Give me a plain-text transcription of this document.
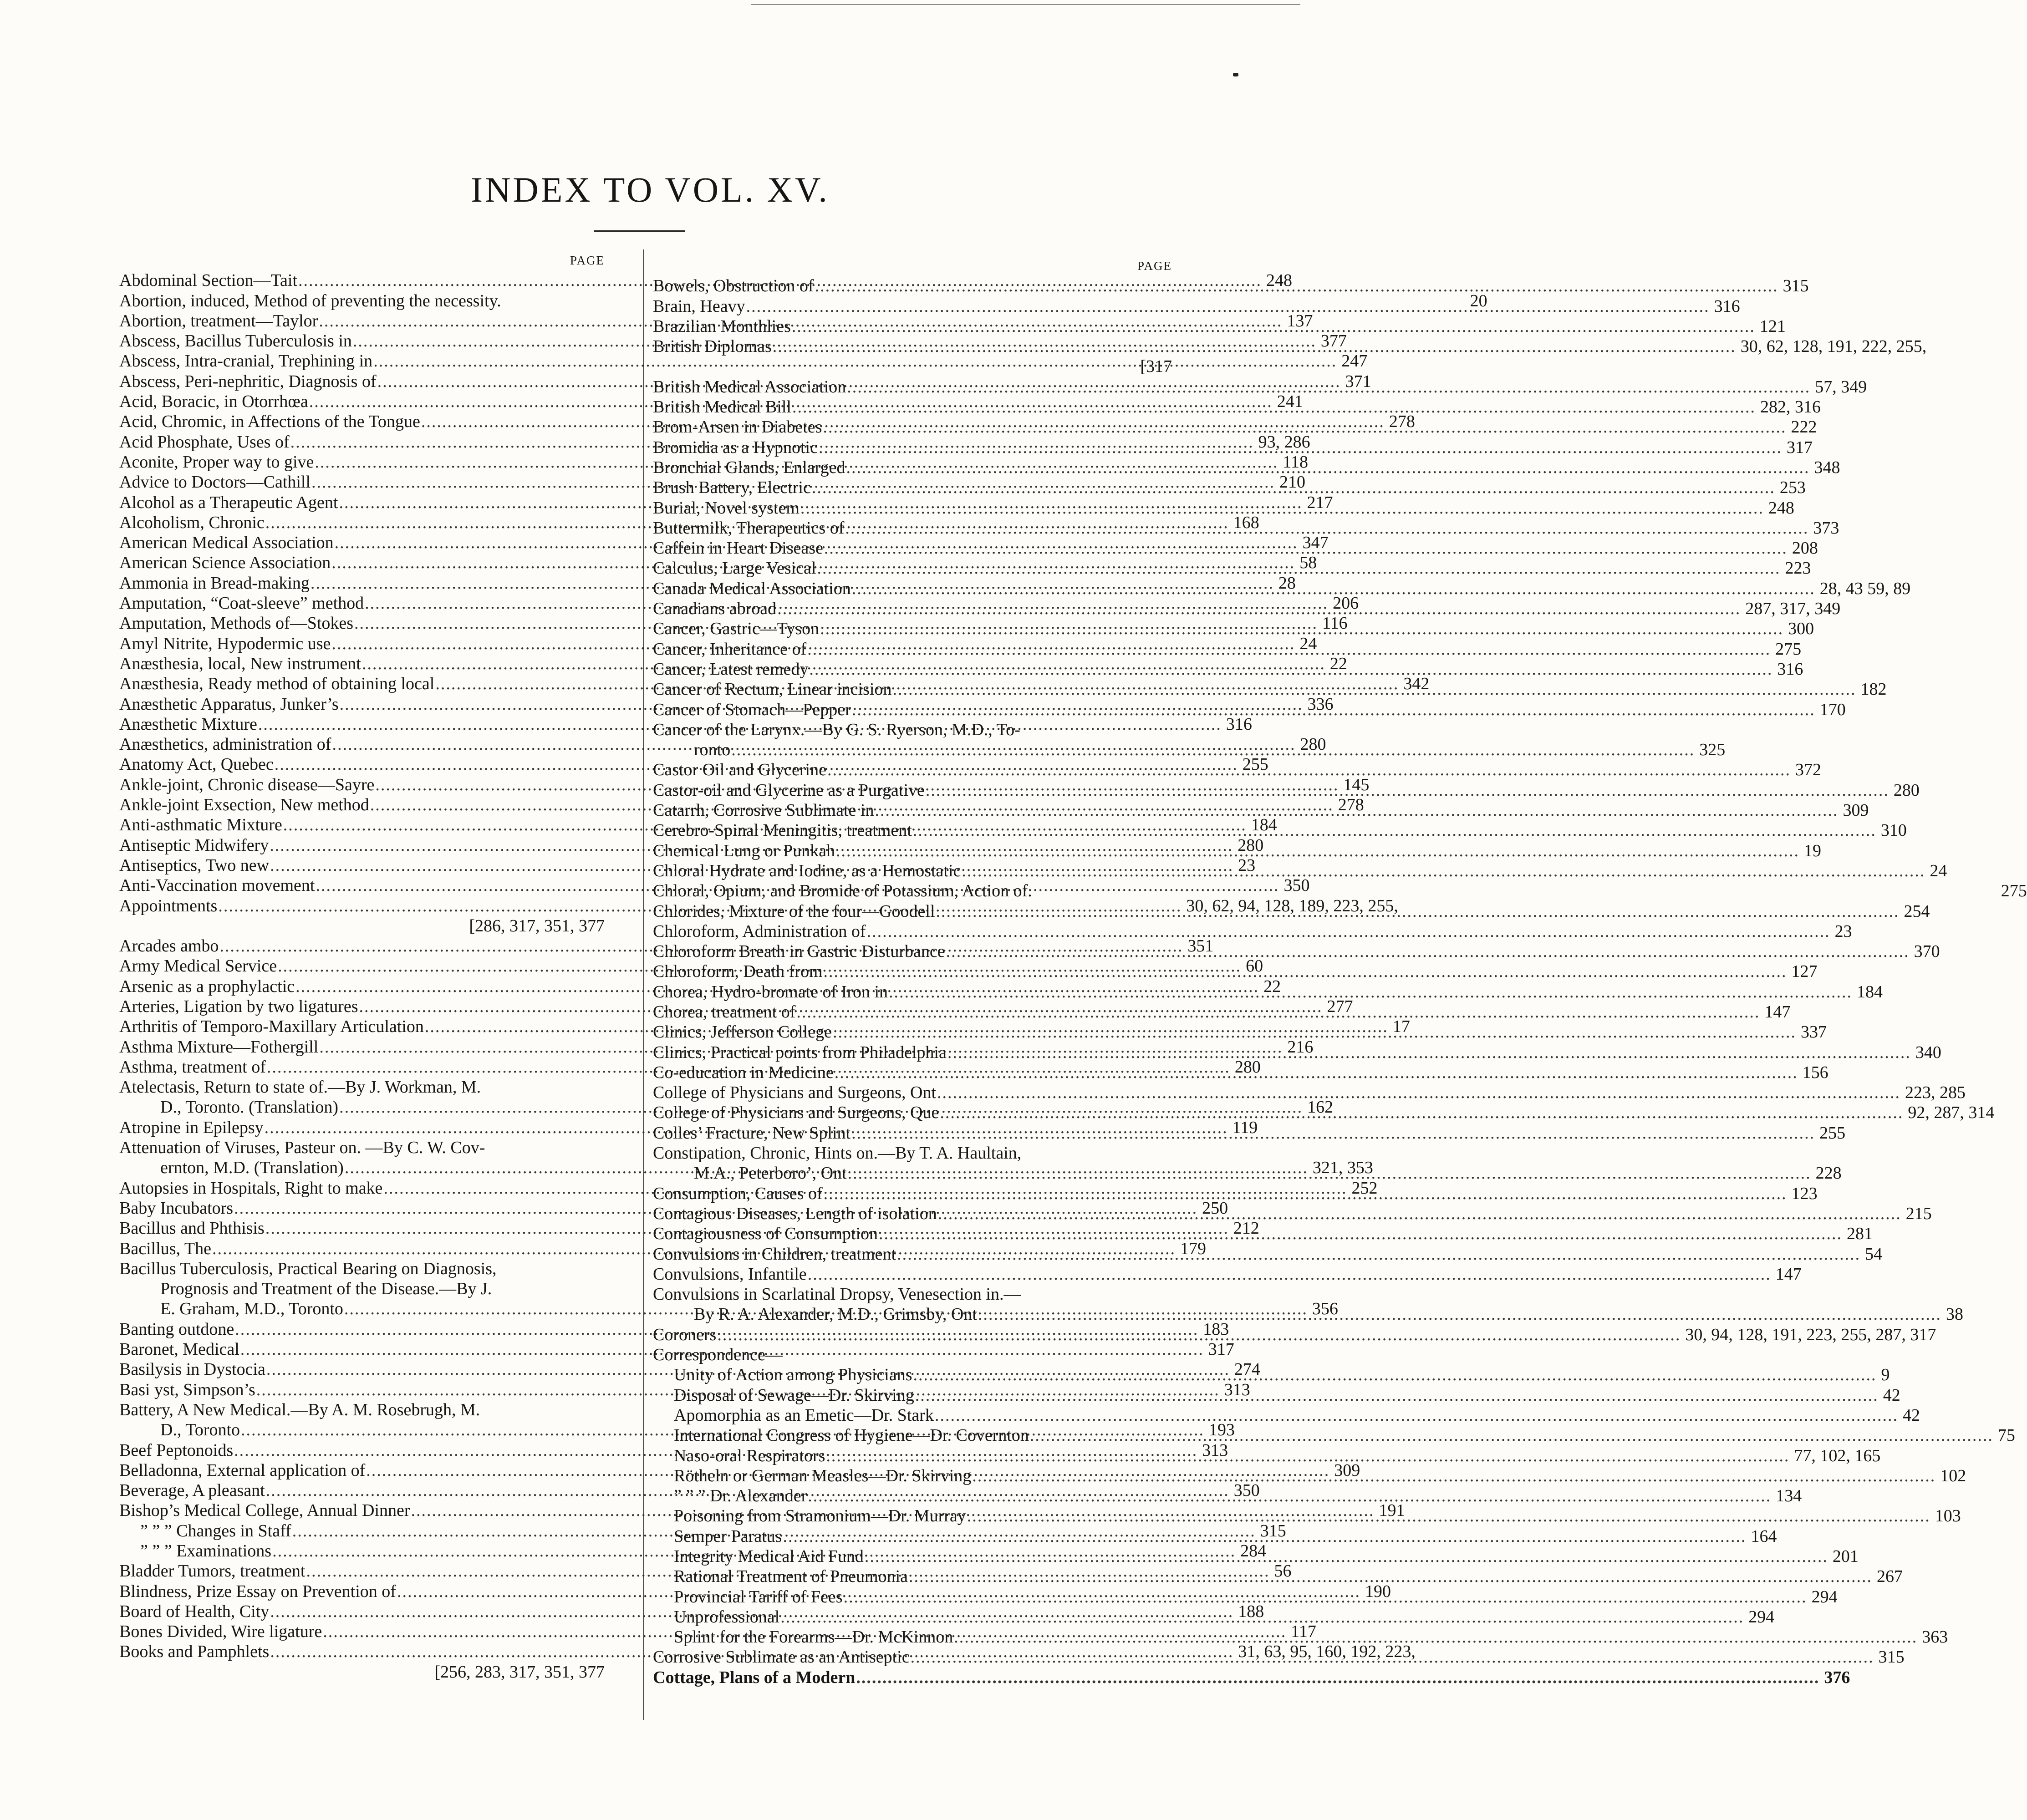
INDEX TO VOL. XV.
PAGE
Abdominal Section—Tait .....	248
Abortion, induced, Method of preventing the necessity.	20
Abortion, treatment—Taylor .....	137
Abscess, Bacillus Tuberculosis in .....	377
Abscess, Intra-cranial, Trephining in .....	247
Abscess, Peri-nephritic, Diagnosis of .....	371
Acid, Boracic, in Otorrhœa .....	241
Acid, Chromic, in Affections of the Tongue .....	278
Acid Phosphate, Uses of .....	93, 286
Aconite, Proper way to give .....	118
Advice to Doctors—Cathill .....	210
Alcohol as a Therapeutic Agent .....	217
Alcoholism, Chronic .....	168
American Medical Association .....	347
American Science Association .....	58
Ammonia in Bread-making .....	28
Amputation, “Coat-sleeve” method .....	206
Amputation, Methods of—Stokes .....	116
Amyl Nitrite, Hypodermic use .....	24
Anæsthesia, local, New instrument .....	22
Anæsthesia, Ready method of obtaining local .....	342
Anæsthetic Apparatus, Junker’s .....	336
Anæsthetic Mixture .....	316
Anæsthetics, administration of .....	280
Anatomy Act, Quebec .....	255
Ankle-joint, Chronic disease—Sayre .....	145
Ankle-joint Exsection, New method .....	278
Anti-asthmatic Mixture .....	184
Antiseptic Midwifery .....	280
Antiseptics, Two new .....	23
Anti-Vaccination movement .....	350
Appointments .....	30, 62, 94, 128, 189, 223, 255,
[286, 317, 351, 377
Arcades ambo .....	351
Army Medical Service .....	60
Arsenic as a prophylactic .....	22
Arteries, Ligation by two ligatures .....	277
Arthritis of Temporo-Maxillary Articulation .....	17
Asthma Mixture—Fothergill .....	216
Asthma, treatment of .....	280
Atelectasis, Return to state of.—By J. Workman, M.
D., Toronto. (Translation) .....	162
Atropine in Epilepsy .....	119
Attenuation of Viruses, Pasteur on. —By C. W. Cov-
ernton, M.D. (Translation) .....	321, 353
Autopsies in Hospitals, Right to make .....	252
Baby Incubators .....	250
Bacillus and Phthisis .....	212
Bacillus, The .....	179
Bacillus Tuberculosis, Practical Bearing on Diagnosis,
Prognosis and Treatment of the Disease.—By J.
E. Graham, M.D., Toronto .....	356
Banting outdone .....	183
Baronet, Medical .....	317
Basilysis in Dystocia .....	274
Basi yst, Simpson’s .....	313
Battery, A New Medical.—By A. M. Rosebrugh, M.
D., Toronto .....	193
Beef Peptonoids .....	313
Belladonna, External application of .....	309
Beverage, A pleasant .....	350
Bishop’s Medical College, Annual Dinner .....	191
” ” ” Changes in Staff .....	315
” ” ” Examinations .....	284
Bladder Tumors, treatment .....	56
Blindness, Prize Essay on Prevention of .....	190
Board of Health, City .....	188
Bones Divided, Wire ligature .....	117
Books and Pamphlets .....	31, 63, 95, 160, 192, 223,
[256, 283, 317, 351, 377
PAGE
Bowels, Obstruction of .....	315
Brain, Heavy .....	316
Brazilian Monthlies .....	121
British Diplomas .....	30, 62, 128, 191, 222, 255,
[317
British Medical Association .....	57, 349
British Medical Bill .....	282, 316
Brom-Arsen in Diabetes .....	222
Bromidia as a Hypnotic .....	317
Bronchial Glands, Enlarged .....	348
Brush Battery, Electric .....	253
Burial, Novel system .....	248
Buttermilk, Therapeutics of .....	373
Caffein in Heart Disease .....	208
Calculus, Large Vesical .....	223
Canada Medical Association .....	28, 43 59, 89
Canadians abroad .....	287, 317, 349
Cancer, Gastric—Tyson .....	300
Cancer, Inheritance of .....	275
Cancer, Latest remedy .....	316
Cancer of Rectum, Linear incision .....	182
Cancer of Stomach—Pepper .....	170
Cancer of the Larynx.—By G. S. Ryerson, M.D., To-
ronto .....	325
Castor Oil and Glycerine .....	372
Castor-oil and Glycerine as a Purgative .....	280
Catarrh, Corrosive Sublimate in .....	309
Cerebro-Spinal Meningitis, treatment .....	310
Chemical Lung or Punkah .....	19
Chloral Hydrate and Iodine, as a Hemostatic .....	24
Chloral, Opium, and Bromide of Potassium, Action of.	275
Chlorides, Mixture of the four—Goodell .....	254
Chloroform, Administration of .....	23
Chloroform Breath in Gastric Disturbance .....	370
Chloroform, Death from .....	127
Chorea, Hydro-bromate of Iron in .....	184
Chorea, treatment of .....	147
Clinics, Jefferson College .....	337
Clinics, Practical points from Philadelphia .....	340
Co-education in Medicine .....	156
College of Physicians and Surgeons, Ont .....	223, 285
College of Physicians and Surgeons, Que .....	92, 287, 314
Colles’ Fracture, New Splint .....	255
Constipation, Chronic, Hints on.—By T. A. Haultain,
M.A., Peterboro’, Ont .....	228
Consumption, Causes of .....	123
Contagious Diseases, Length of isolation .....	215
Contagiousness of Consumption .....	281
Convulsions in Children, treatment .....	54
Convulsions, Infantile .....	147
Convulsions in Scarlatinal Dropsy, Venesection in.—
By R. A. Alexander, M.D., Grimsby, Ont .....	38
Coroners .....	30, 94, 128, 191, 223, 255, 287, 317
Correspondence—
Unity of Action among Physicians .....	9
Disposal of Sewage—Dr. Skirving .....	42
Apomorphia as an Emetic—Dr. Stark .....	42
International Congress of Hygiene—Dr. Covernton .....	75
Naso-oral Respirators .....	77, 102, 165
Rötheln or German Measles—Dr. Skirving .....	102
” ” ” Dr. Alexander .....	134
Poisoning from Stramonium—Dr. Murray .....	103
Semper Paratus .....	164
Integrity Medical Aid Fund .....	201
Rational Treatment of Pneumonia .....	267
Provincial Tariff of Fees .....	294
Unprofessional .....	294
Splint for the Forearms—Dr. McKinnon .....	363
Corrosive Sublimate as an Antiseptic .....	315
Cottage, Plans of a Modern .....	376
